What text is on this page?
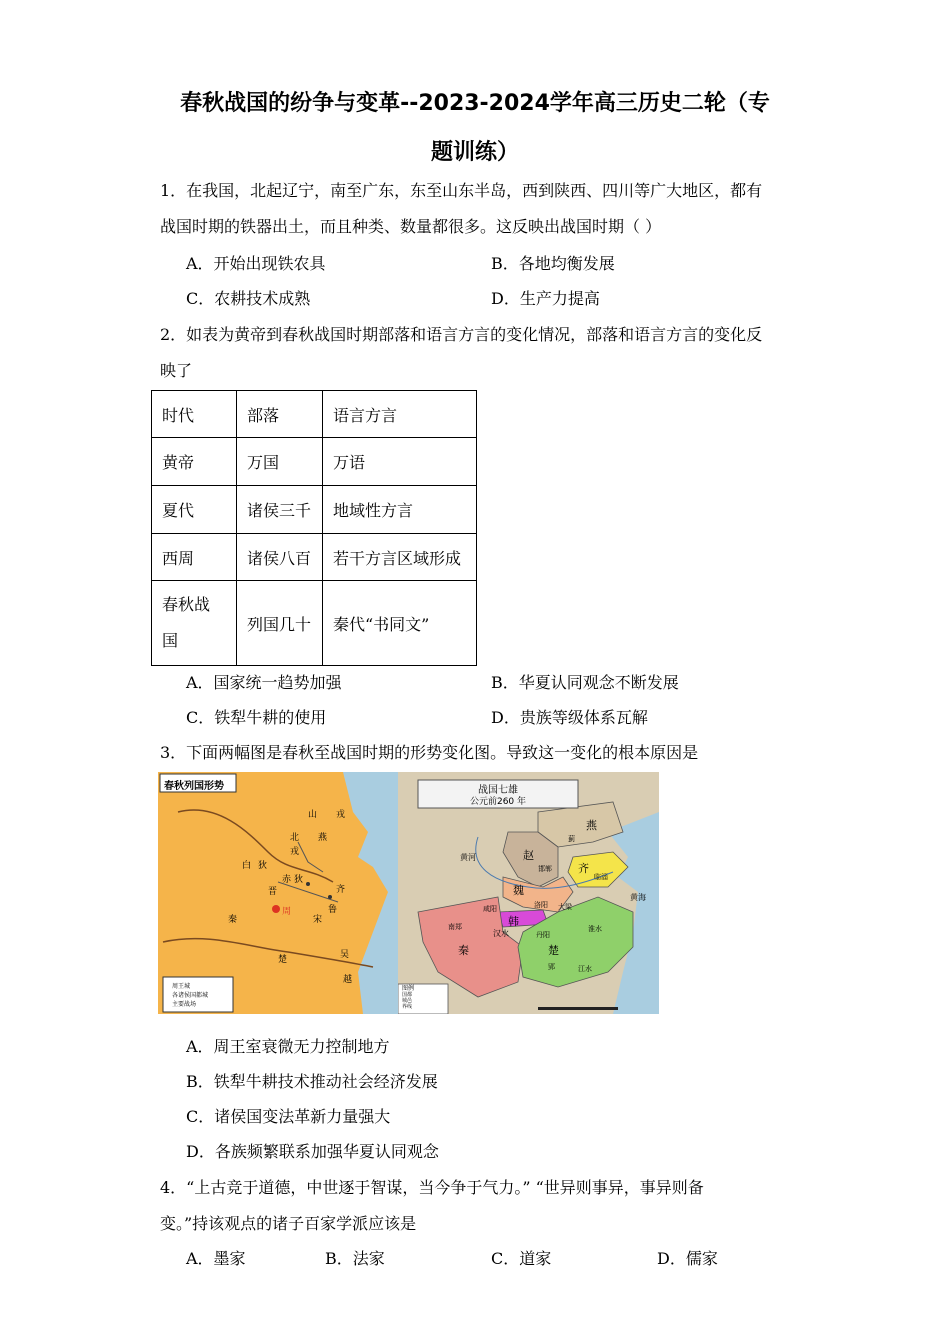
春秋战国的纷争与变革--2023-2024学年高三历史二轮（专
题训练）
1．在我国，北起辽宁，南至广东，东至山东半岛，西到陕西、四川等广大地区，都有
战国时期的铁器出土，而且种类、数量都很多。这反映出战国时期（ ）
A．开始出现铁农具	B．各地均衡发展
C．农耕技术成熟	D．生产力提高
2．如表为黄帝到春秋战国时期部落和语言方言的变化情况，部落和语言方言的变化反
映了
时代	部落	语言方言
黄帝	万国	万语
夏代	诸侯三千	地域性方言
西周	诸侯八百	若干方言区域形成
春秋战
国	列国几十	秦代“书同文”
A．国家统一趋势加强	B．华夏认同观念不断发展
C．铁犁牛耕的使用	D．贵族等级体系瓦解
3．下面两幅图是春秋至战国时期的形势变化图。导致这一变化的根本原因是
春秋列国形势
山 戎
北
戎
白 狄
赤 狄
周
齐
鲁
宋
楚	吴
越
秦
晋
燕
周王城
各诸侯国都城
主要战场
战国七雄
公元前260 年
燕
赵
齐
魏
韩
秦	楚
临淄
邯郸
蓟
大梁
洛阳
咸阳
郢
南郑
丹阳
汉水	淮水
江水
黄海
黄河
图例
国都
城邑
界线
A．周王室衰微无力控制地方
B．铁犁牛耕技术推动社会经济发展
C．诸侯国变法革新力量强大
D．各族频繁联系加强华夏认同观念
4．“上古竞于道德，中世逐于智谋，当今争于气力。” “世异则事异，事异则备
变。”持该观点的诸子百家学派应该是
A．墨家	B．法家	C．道家	D．儒家
